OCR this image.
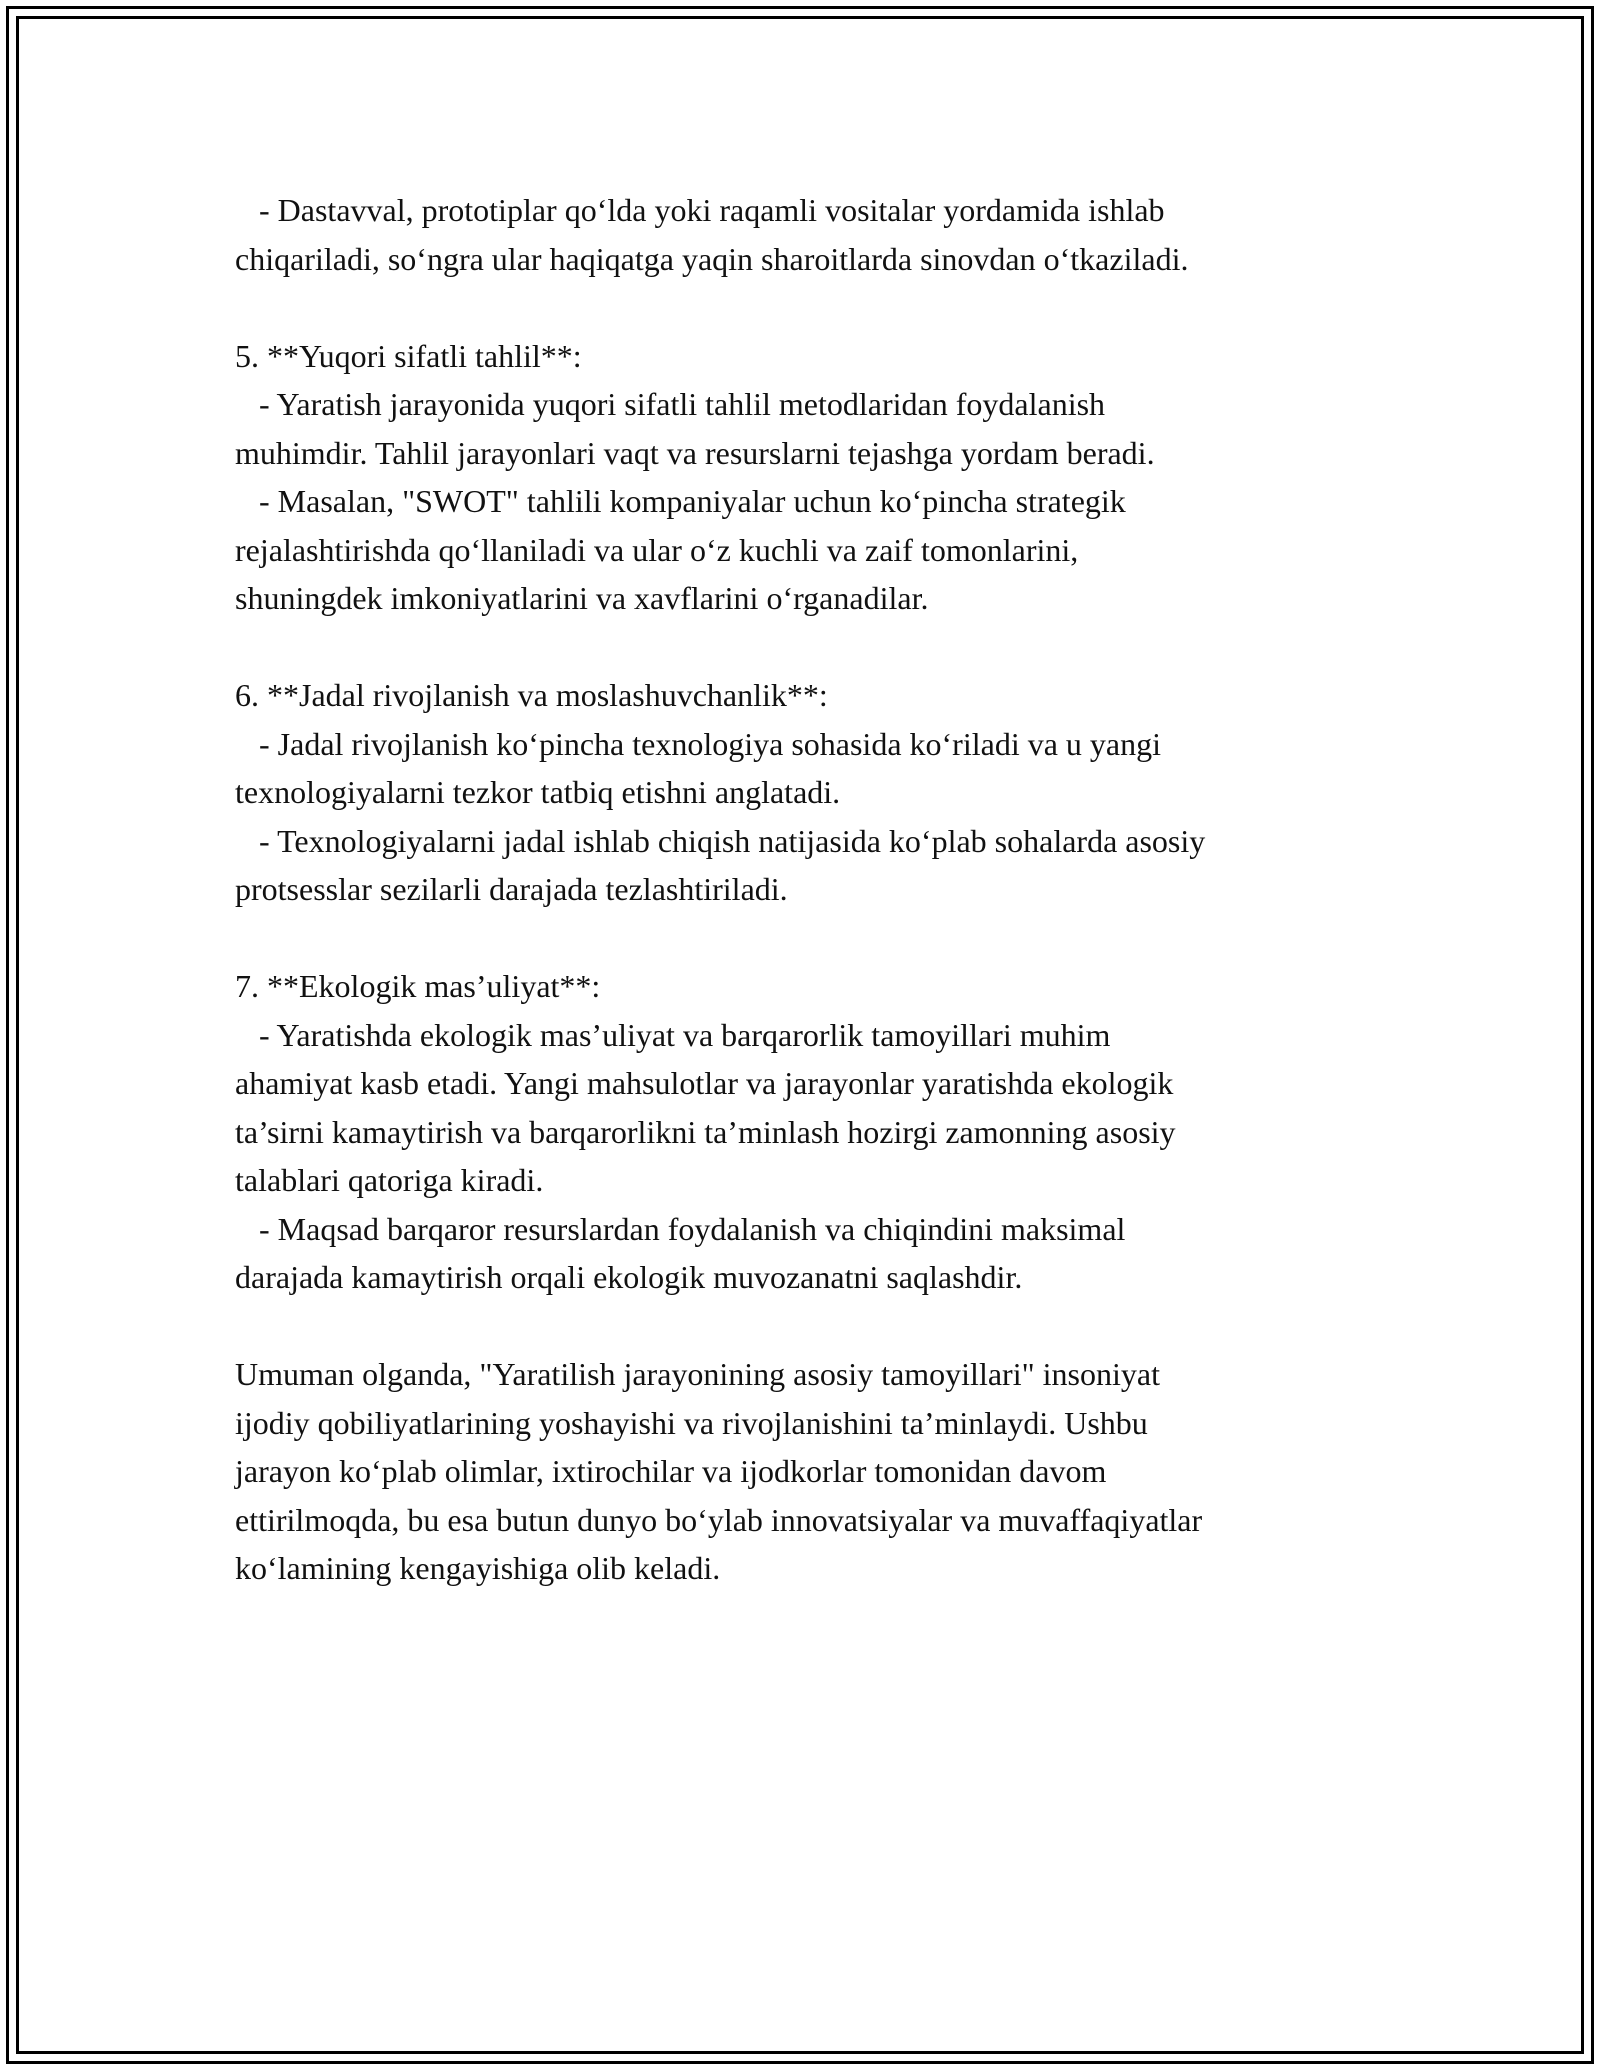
- Dastavval, prototiplar qo‘lda yoki raqamli vositalar yordamida ishlab
chiqariladi, so‘ngra ular haqiqatga yaqin sharoitlarda sinovdan o‘tkaziladi.
5. **Yuqori sifatli tahlil**:
- Yaratish jarayonida yuqori sifatli tahlil metodlaridan foydalanish
muhimdir. Tahlil jarayonlari vaqt va resurslarni tejashga yordam beradi.
- Masalan, "SWOT" tahlili kompaniyalar uchun ko‘pincha strategik
rejalashtirishda qo‘llaniladi va ular o‘z kuchli va zaif tomonlarini,
shuningdek imkoniyatlarini va xavflarini o‘rganadilar.
6. **Jadal rivojlanish va moslashuvchanlik**:
- Jadal rivojlanish ko‘pincha texnologiya sohasida ko‘riladi va u yangi
texnologiyalarni tezkor tatbiq etishni anglatadi.
- Texnologiyalarni jadal ishlab chiqish natijasida ko‘plab sohalarda asosiy
protsesslar sezilarli darajada tezlashtiriladi.
7. **Ekologik mas’uliyat**:
- Yaratishda ekologik mas’uliyat va barqarorlik tamoyillari muhim
ahamiyat kasb etadi. Yangi mahsulotlar va jarayonlar yaratishda ekologik
ta’sirni kamaytirish va barqarorlikni ta’minlash hozirgi zamonning asosiy
talablari qatoriga kiradi.
- Maqsad barqaror resurslardan foydalanish va chiqindini maksimal
darajada kamaytirish orqali ekologik muvozanatni saqlashdir.
Umuman olganda, "Yaratilish jarayonining asosiy tamoyillari" insoniyat
ijodiy qobiliyatlarining yoshayishi va rivojlanishini ta’minlaydi. Ushbu
jarayon ko‘plab olimlar, ixtirochilar va ijodkorlar tomonidan davom
ettirilmoqda, bu esa butun dunyo bo‘ylab innovatsiyalar va muvaffaqiyatlar
ko‘lamining kengayishiga olib keladi.
